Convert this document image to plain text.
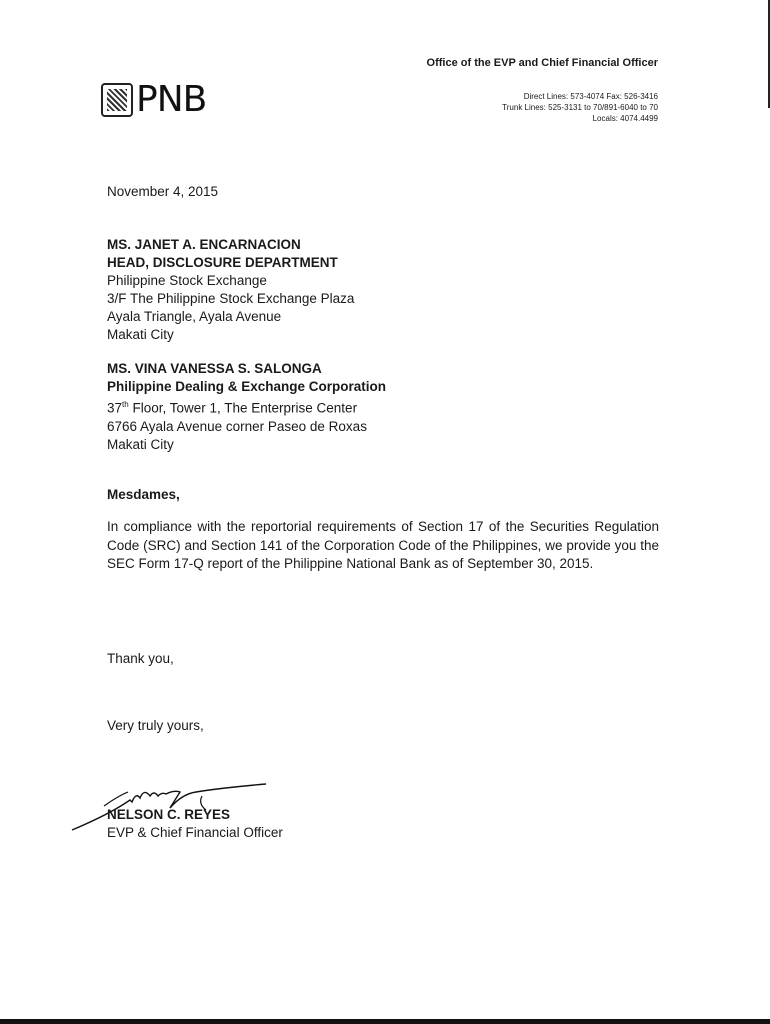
PNB
Office of the EVP and Chief Financial Officer
Direct Lines: 573-4074 Fax: 526-3416
Trunk Lines: 525-3131 to 70/891-6040 to 70
Locals: 4074.4499
November 4, 2015
MS. JANET A. ENCARNACION
HEAD, DISCLOSURE DEPARTMENT
Philippine Stock Exchange
3/F The Philippine Stock Exchange Plaza
Ayala Triangle, Ayala Avenue
Makati City
MS. VINA VANESSA S. SALONGA
Philippine Dealing & Exchange Corporation
37th Floor, Tower 1, The Enterprise Center
6766 Ayala Avenue corner Paseo de Roxas
Makati City
Mesdames,
In compliance with the reportorial requirements of Section 17 of the Securities Regulation Code (SRC) and Section 141 of the Corporation Code of the Philippines, we provide you the SEC Form 17-Q report of the Philippine National Bank as of September 30, 2015.
Thank you,
Very truly yours,
NELSON C. REYES
EVP & Chief Financial Officer
